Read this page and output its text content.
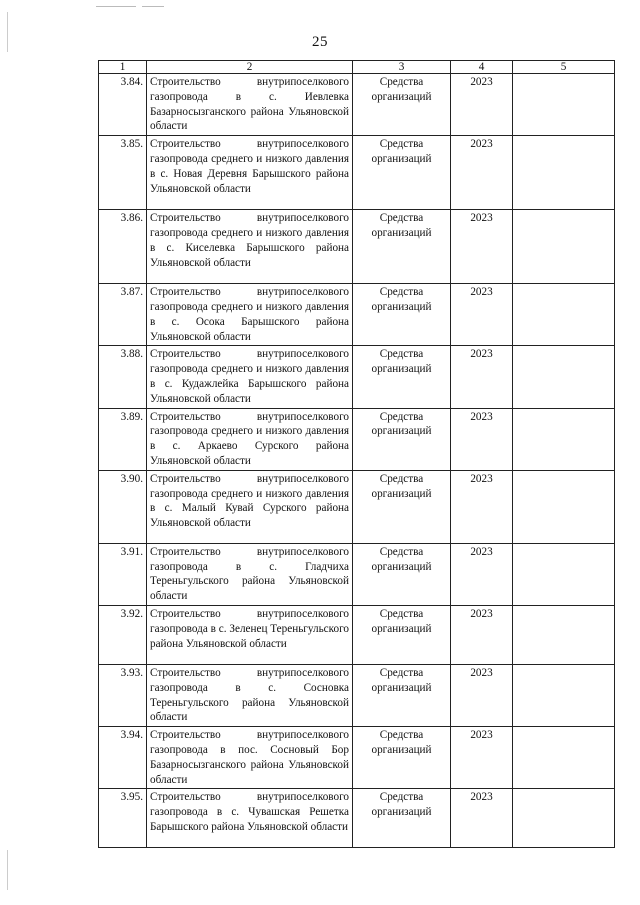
25
1	2	3	4	5
3.84.	Строительство внутрипоселкового газопровода в с. Иевлевка Базарносызганского района Ульяновской области	Средства организаций	2023	
3.85.	Строительство внутрипоселкового газопровода среднего и низкого давления в с. Новая Деревня Барышского района Ульяновской области	Средства организаций	2023	
3.86.	Строительство внутрипоселкового газопровода среднего и низкого давления в с. Киселевка Барышского района Ульяновской области	Средства организаций	2023	
3.87.	Строительство внутрипоселкового газопровода среднего и низкого давления в с. Осока Барышского района Ульяновской области	Средства организаций	2023	
3.88.	Строительство внутрипоселкового газопровода среднего и низкого давления в с. Кудажлейка Барышского района Ульяновской области	Средства организаций	2023	
3.89.	Строительство внутрипоселкового газопровода среднего и низкого давления в с. Аркаево Сурского района Ульяновской области	Средства организаций	2023	
3.90.	Строительство внутрипоселкового газопровода среднего и низкого давления в с. Малый Кувай Сурского района Ульяновской области	Средства организаций	2023	
3.91.	Строительство внутрипоселкового газопровода в с. Гладчиха Тереньгульского района Ульяновской области	Средства организаций	2023	
3.92.	Строительство внутрипоселкового газопровода в с. Зеленец Тереньгульского района Ульяновской области	Средства организаций	2023	
3.93.	Строительство внутрипоселкового газопровода в с. Сосновка Тереньгульского района Ульяновской области	Средства организаций	2023	
3.94.	Строительство внутрипоселкового газопровода в пос. Сосновый Бор Базарносызганского района Ульяновской области	Средства организаций	2023	
3.95.	Строительство внутрипоселкового газопровода в с. Чувашская Решетка Барышского района Ульяновской области	Средства организаций	2023	
